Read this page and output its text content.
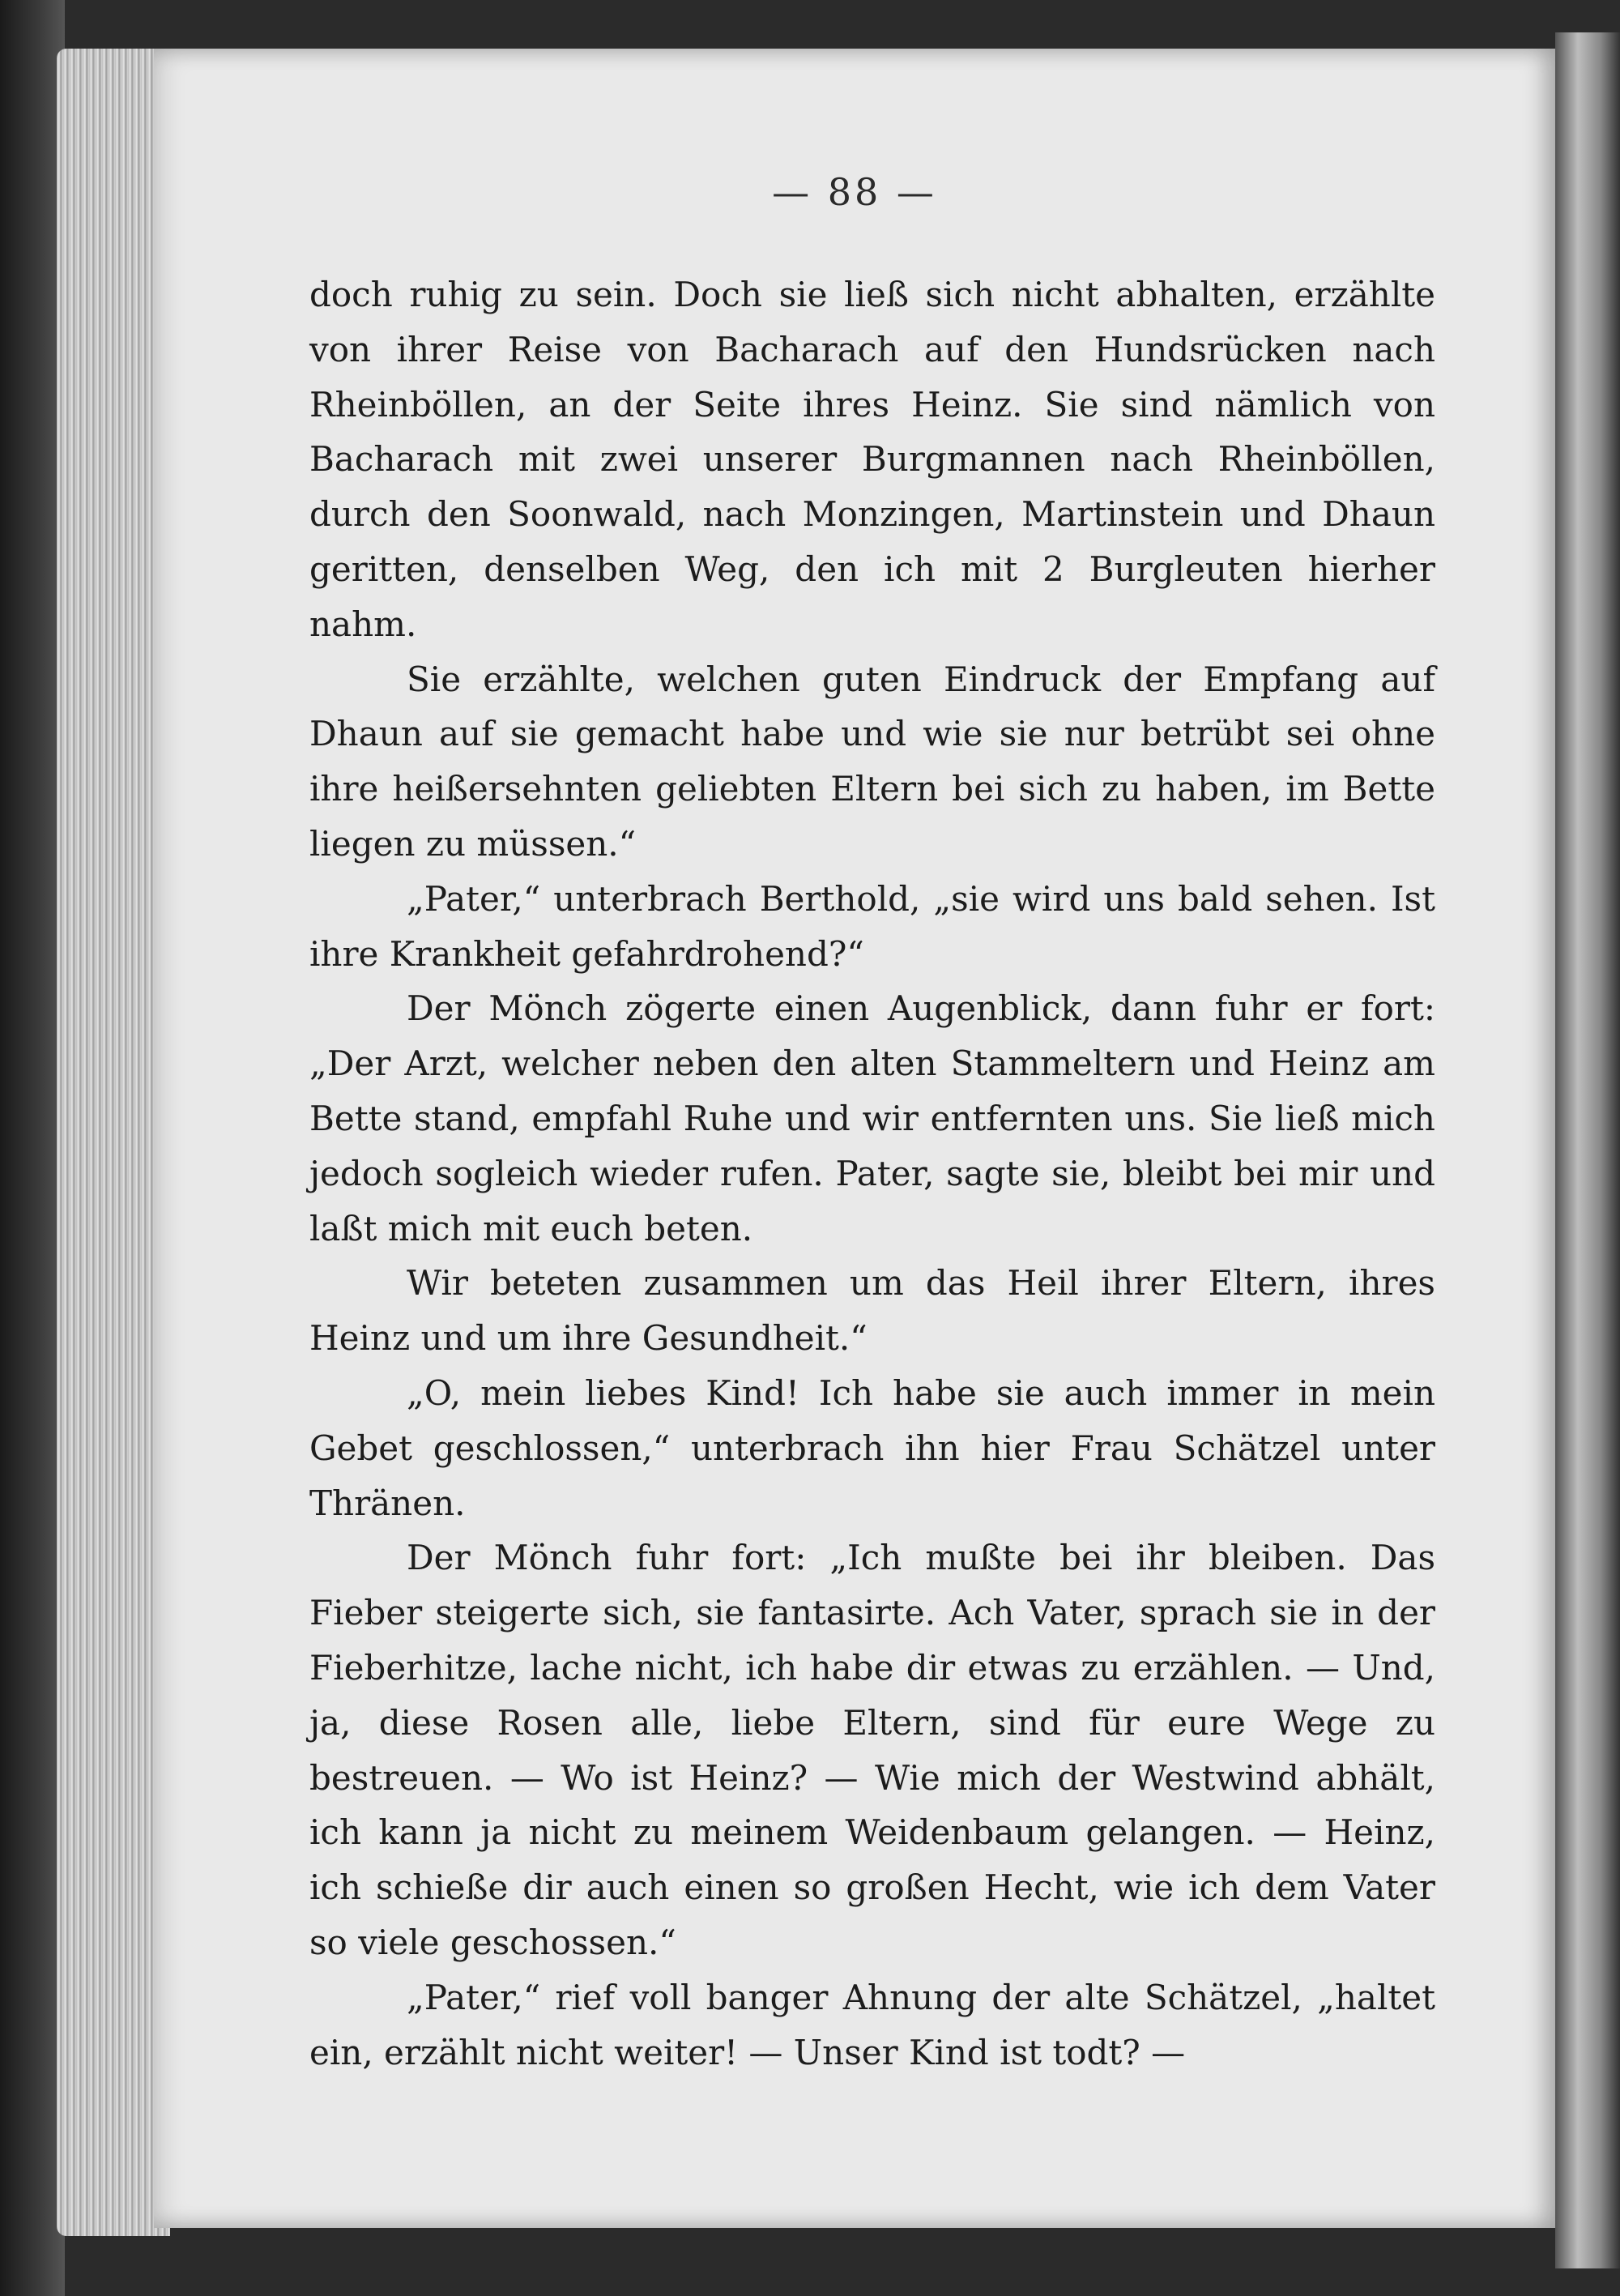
— 88 —

doch ruhig zu sein. Doch sie ließ sich nicht abhalten, erzählte von ihrer Reise von Bacharach auf den Hundsrücken nach Rheinböllen, an der Seite ihres Heinz. Sie sind nämlich von Bacharach mit zwei unserer Burgmannen nach Rheinböllen, durch den Soonwald, nach Monzingen, Martinstein und Dhaun geritten, denselben Weg, den ich mit 2 Burgleuten hierher nahm.

Sie erzählte, welchen guten Eindruck der Empfang auf Dhaun auf sie gemacht habe und wie sie nur betrübt sei ohne ihre heißersehnten geliebten Eltern bei sich zu haben, im Bette liegen zu müssen.“

„Pater,“ unterbrach Berthold, „sie wird uns bald sehen. Ist ihre Krankheit gefahrdrohend?“

Der Mönch zögerte einen Augenblick, dann fuhr er fort: „Der Arzt, welcher neben den alten Stammeltern und Heinz am Bette stand, empfahl Ruhe und wir entfernten uns. Sie ließ mich jedoch sogleich wieder rufen. Pater, sagte sie, bleibt bei mir und laßt mich mit euch beten.

Wir beteten zusammen um das Heil ihrer Eltern, ihres Heinz und um ihre Gesundheit.“

„O, mein liebes Kind! Ich habe sie auch immer in mein Gebet geschlossen,“ unterbrach ihn hier Frau Schätzel unter Thränen.

Der Mönch fuhr fort: „Ich mußte bei ihr bleiben. Das Fieber steigerte sich, sie fantasirte. Ach Vater, sprach sie in der Fieberhitze, lache nicht, ich habe dir etwas zu erzählen. — Und, ja, diese Rosen alle, liebe Eltern, sind für eure Wege zu bestreuen. — Wo ist Heinz? — Wie mich der Westwind abhält, ich kann ja nicht zu meinem Weidenbaum gelangen. — Heinz, ich schieße dir auch einen so großen Hecht, wie ich dem Vater so viele geschossen.“

„Pater,“ rief voll banger Ahnung der alte Schätzel, „haltet ein, erzählt nicht weiter! — Unser Kind ist todt? —
